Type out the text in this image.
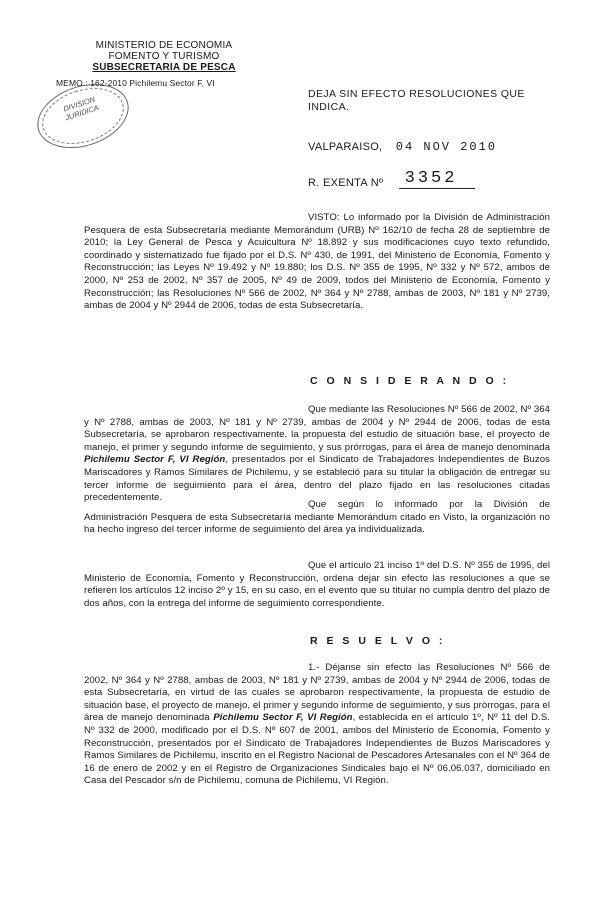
MINISTERIO DE ECONOMIA
FOMENTO Y TURISMO
SUBSECRETARIA DE PESCA
MEMO.: 162-2010 Pichilemu Sector F, VI
DIVISION JURIDICA
DEJA SIN EFECTO RESOLUCIONES QUE INDICA.
VALPARAISO, 04 NOV 2010
R. EXENTA Nº 3352
VISTO: Lo informado por la División de Administración Pesquera de esta Subsecretaría mediante Memorándum (URB) Nº 162/10 de fecha 28 de septiembre de 2010; la Ley General de Pesca y Acuicultura Nº 18.892 y sus modificaciones cuyo texto refundido, coordinado y sistematizado fue fijado por el D.S. Nº 430, de 1991, del Ministerio de Economía, Fomento y Reconstrucción; las Leyes Nº 19.492 y Nº 19.880; los D.S. Nº 355 de 1995, Nº 332 y Nº 572, ambos de 2000, Nº 253 de 2002, Nº 357 de 2005, Nº 49 de 2009, todos del Ministerio de Economía, Fomento y Reconstrucción; las Resoluciones Nº 566 de 2002, Nº 364 y Nº 2788, ambas de 2003, Nº 181 y Nº 2739, ambas de 2004 y Nº 2944 de 2006, todas de esta Subsecretaría.
C O N S I D E R A N D O :
Que mediante las Resoluciones Nº 566 de 2002, Nº 364 y Nº 2788, ambas de 2003, Nº 181 y Nº 2739, ambas de 2004 y Nº 2944 de 2006, todas de esta Subsecretaría, se aprobaron respectivamente, la propuesta del estudio de situación base, el proyecto de manejo, el primer y segundo informe de seguimiento, y sus prórrogas, para el área de manejo denominada Pichilemu Sector F, VI Región, presentados por el Sindicato de Trabajadores Independientes de Buzos Mariscadores y Ramos Similares de Pichilemu, y se estableció para su titular la obligación de entregar su tercer informe de seguimiento para el área, dentro del plazo fijado en las resoluciones citadas precedentemente.
Que según lo informado por la División de Administración Pesquera de esta Subsecretaría mediante Memorándum citado en Visto, la organización no ha hecho ingreso del tercer informe de seguimiento del área ya individualizada.
Que el artículo 21 inciso 1º del D.S. Nº 355 de 1995, del Ministerio de Economía, Fomento y Reconstrucción, ordena dejar sin efecto las resoluciones a que se refieren los artículos 12 inciso 2º y 15, en su caso, en el evento que su titular no cumpla dentro del plazo de dos años, con la entrega del informe de seguimiento correspondiente.
R E S U E L V O :
1.- Déjanse sin efecto las Resoluciones Nº 566 de 2002, Nº 364 y Nº 2788, ambas de 2003, Nº 181 y Nº 2739, ambas de 2004 y Nº 2944 de 2006, todas de esta Subsecretaría, en virtud de las cuales se aprobaron respectivamente, la propuesta de estudio de situación base, el proyecto de manejo, el primer y segundo informe de seguimiento, y sus prórrogas, para el área de manejo denominada Pichilemu Sector F, VI Región, establecida en el artículo 1º, Nº 11 del D.S. Nº 332 de 2000, modificado por el D.S. Nº 607 de 2001, ambos del Ministerio de Economía, Fomento y Reconstrucción, presentados por el Sindicato de Trabajadores Independientes de Buzos Mariscadores y Ramos Similares de Pichilemu, inscrito en el Registro Nacional de Pescadores Artesanales con el Nº 364 de 16 de enero de 2002 y en el Registro de Organizaciones Sindicales bajo el Nº 06.06.037, domiciliado en Casa del Pescador s/n de Pichilemu, comuna de Pichilemu, VI Región.
